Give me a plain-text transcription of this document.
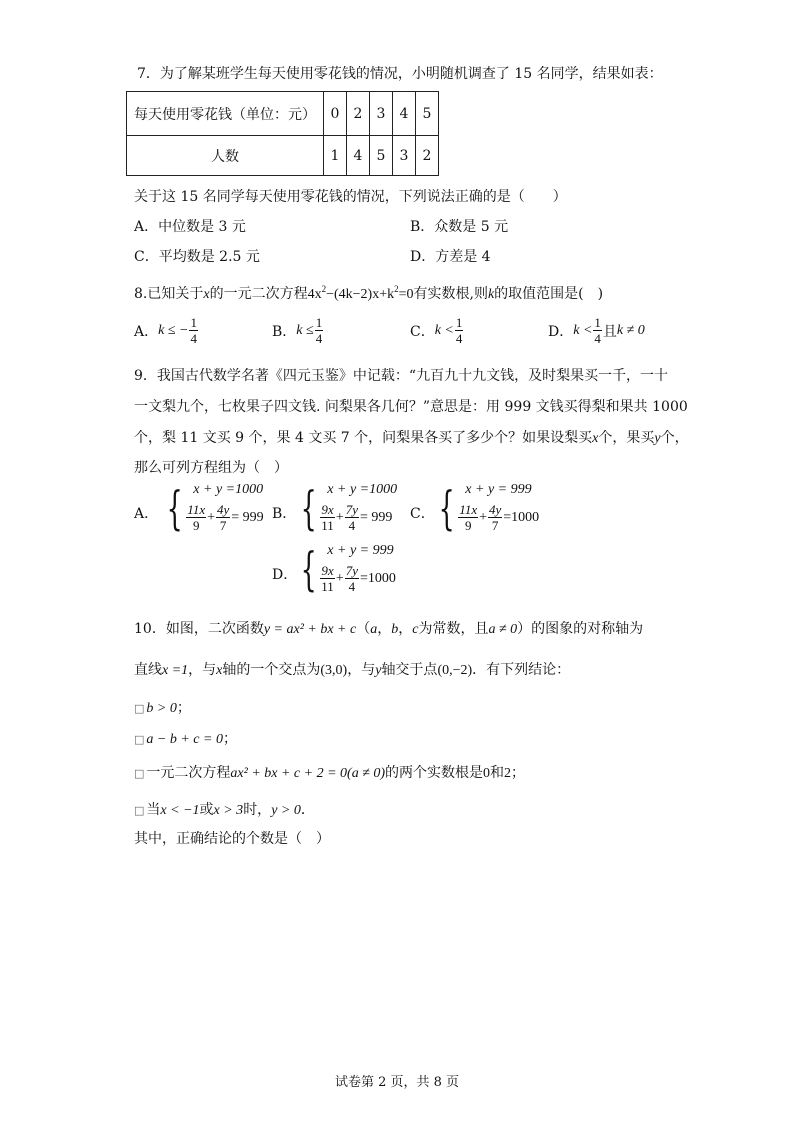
7．为了解某班学生每天使用零花钱的情况，小明随机调查了 15 名同学，结果如表：
每天使用零花钱（单位：元）	0	2	3	4	5
人数	1	4	5	3	2
关于这 15 名同学每天使用零花钱的情况，下列说法正确的是（　　）
A．中位数是 3 元	B．众数是 5 元
C．平均数是 2.5 元	D．方差是 4
8.已知关于x的一元二次方程$4x^2-(4k-2)x+k^2=0$有实数根,则k的取值范围是(　)
A． k ≤ − $\frac{1}{4}$	B． $k \le \frac{1}{4}$	C． $k < \frac{1}{4}$	D． $k < \frac{1}{4}$ 且 k ≠ 0
9．我国古代数学名著《四元玉鉴》中记载：“九百九十九文钱，及时梨果买一千，一十
一文梨九个，七枚果子四文钱. 问梨果各几何？”意思是：用 999 文钱买得梨和果共 1000
个，梨 11 文买 9 个，果 4 文买 7 个，问梨果各买了多少个？如果设梨买x个，果买y个，
那么可列方程组为（　）
A． { x + y =1000
$\frac{11x}{9} + \frac{4y}{7} = 999$ B． { x + y =1000
$\frac{9x}{11} + \frac{7y}{4} = 999$ C． { x + y = 999
$\frac{11x}{9} + \frac{4y}{7} =1000$
D． { x + y = 999
$\frac{9x}{11} + \frac{7y}{4} =1000$
10．如图，二次函数y = ax² + bx + c（a，b，c为常数，且a ≠ 0）的图象的对称轴为
直线x =1，与x轴的一个交点为(3,0)，与y轴交于点(0,−2)．有下列结论：
□ b > 0；
□ a − b + c = 0；
□ 一元二次方程ax² + bx + c + 2 = 0(a ≠ 0)的两个实数根是0和2；
□ 当x < −1或x > 3时，y > 0．
其中，正确结论的个数是（　）
试卷第 2 页，共 8 页
